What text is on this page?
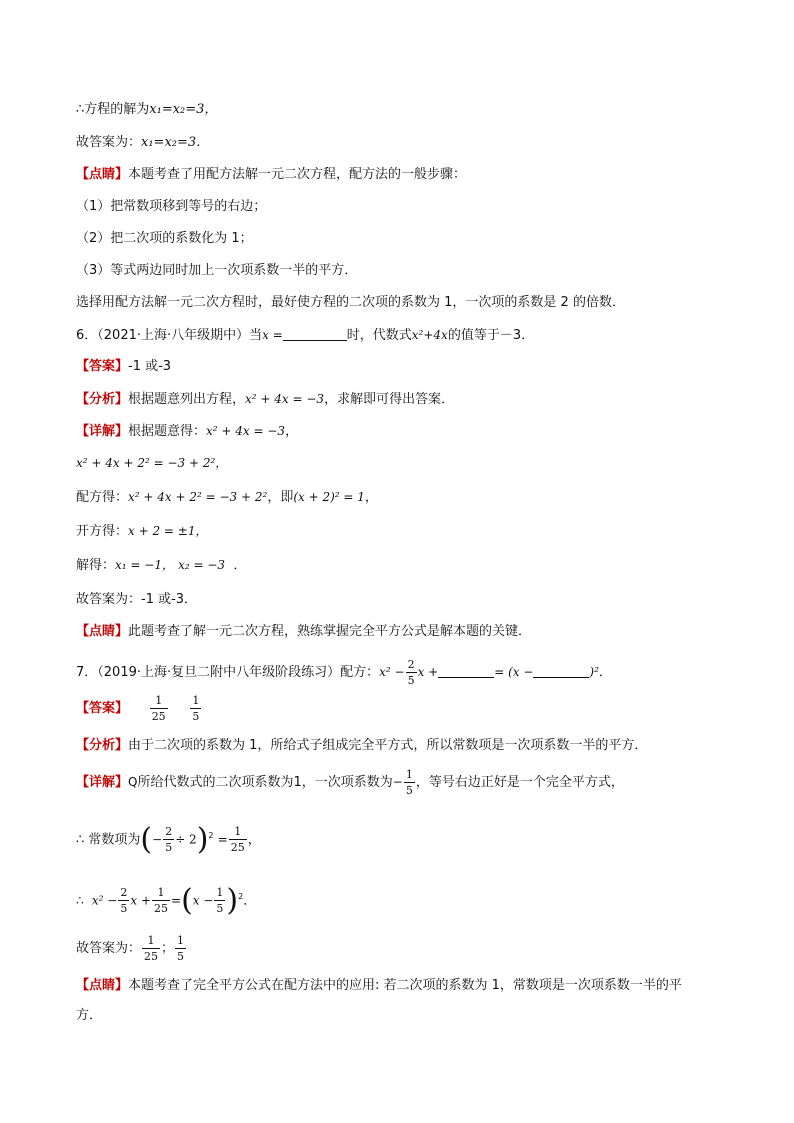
∴方程的解为x₁=x₂=3，
故答案为：x₁=x₂=3．
【点睛】本题考查了用配方法解一元二次方程，配方法的一般步骤：
（1）把常数项移到等号的右边；
（2）把二次项的系数化为 1；
（3）等式两边同时加上一次项系数一半的平方．
选择用配方法解一元二次方程时，最好使方程的二次项的系数为 1，一次项的系数是 2 的倍数．
6．（2021·上海·八年级期中）当x =	时，代数式x²+4x的值等于－3．
【答案】-1 或-3
【分析】根据题意列出方程，x² + 4x = −3，求解即可得出答案．
【详解】根据题意得：x² + 4x = −3，
x² + 4x + 2² = −3 + 2²，
配方得：x² + 4x + 2² = −3 + 2²，即(x + 2)² = 1，
开方得：x + 2 = ±1，
解得：x₁ = −1， x₂ = −3 ．
故答案为：-1 或-3．
【点睛】此题考查了解一元二次方程，熟练掌握完全平方公式是解本题的关键．
7．（2019·上海·复旦二附中八年级阶段练习）配方：$x^2 - \frac{2}{5}$ x +	= (x −	)²．
【答案】 $\frac{1}{25}$
$\frac{1}{5}$
【分析】由于二次项的系数为 1，所给式子组成完全平方式，所以常数项是一次项系数一半的平方．
【详解】Q所给代数式的二次项系数为1，一次项系数为− $\frac{1}{5}$ ，等号右边正好是一个完全平方式，
∴ 常数项为(− $\frac{2}{5} \div 2)^2 = \frac{1}{25}$ ，
∴ $x^2 - \frac{2}{5}$ $x + \frac{1}{25} =(x - \frac{1}{5} )^2$．
故答案为： $\frac{1}{25}$ ； $\frac{1}{5}$
【点睛】本题考查了完全平方公式在配方法中的应用: 若二次项的系数为 1，常数项是一次项系数一半的平
方．
